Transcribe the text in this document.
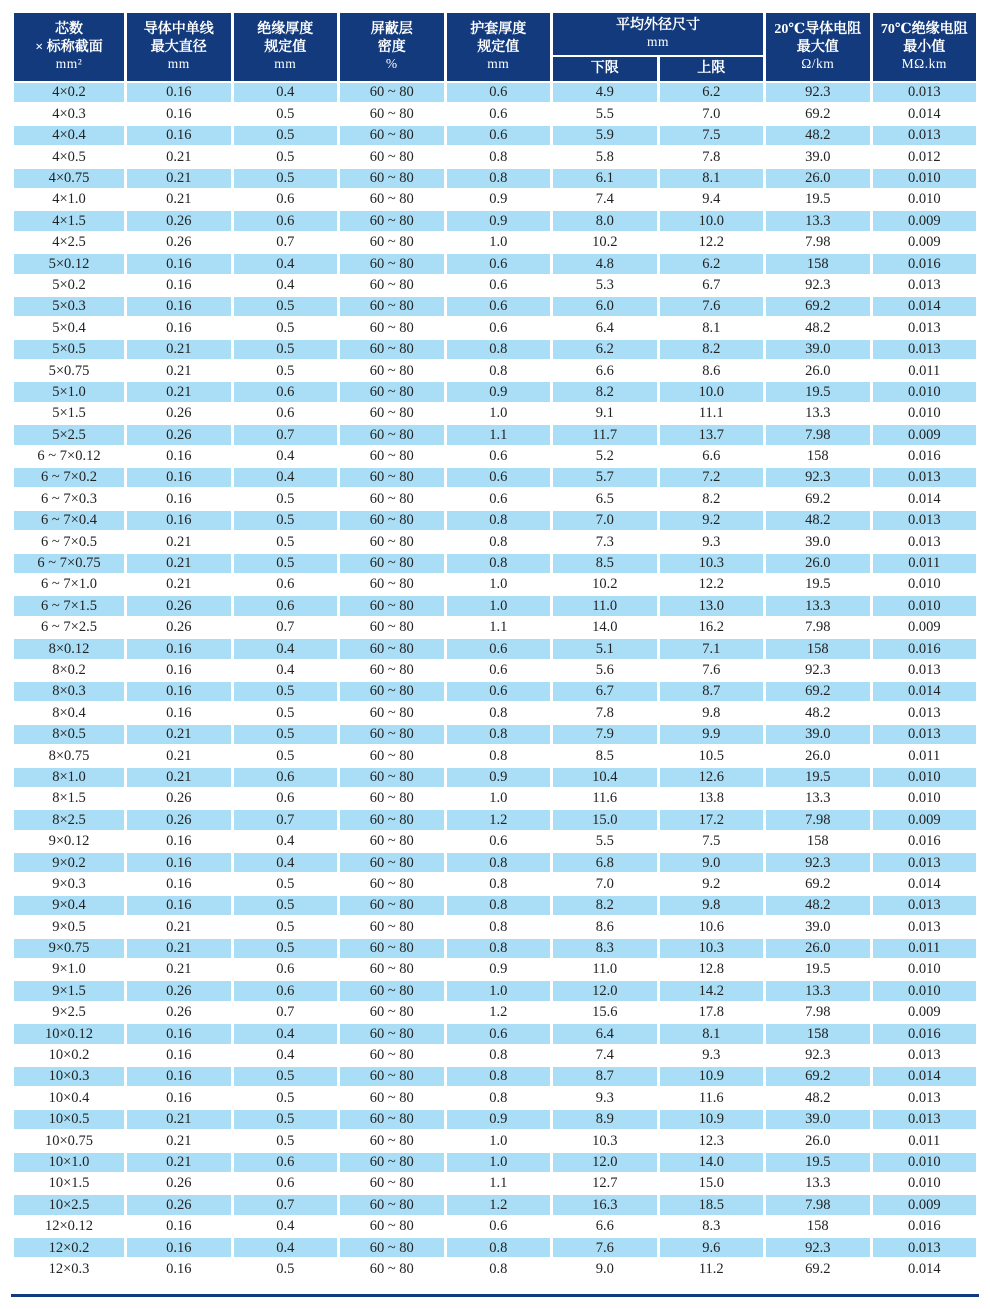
芯数
× 标称截面
mm²

导体中单线
最大直径
mm

绝缘厚度
规定值
mm

屏蔽层
密度
%

护套厚度
规定值
mm

平均外径尺寸
mm

20℃导体电阻
最大值
Ω/km

70℃绝缘电阻
最小值
MΩ.km

					下限	上限		
4×0.2	0.16	0.4	60 ~ 80	0.6	4.9	6.2	92.3	0.013
4×0.3	0.16	0.5	60 ~ 80	0.6	5.5	7.0	69.2	0.014
4×0.4	0.16	0.5	60 ~ 80	0.6	5.9	7.5	48.2	0.013
4×0.5	0.21	0.5	60 ~ 80	0.8	5.8	7.8	39.0	0.012
4×0.75	0.21	0.5	60 ~ 80	0.8	6.1	8.1	26.0	0.010
4×1.0	0.21	0.6	60 ~ 80	0.9	7.4	9.4	19.5	0.010
4×1.5	0.26	0.6	60 ~ 80	0.9	8.0	10.0	13.3	0.009
4×2.5	0.26	0.7	60 ~ 80	1.0	10.2	12.2	7.98	0.009
5×0.12	0.16	0.4	60 ~ 80	0.6	4.8	6.2	158	0.016
5×0.2	0.16	0.4	60 ~ 80	0.6	5.3	6.7	92.3	0.013
5×0.3	0.16	0.5	60 ~ 80	0.6	6.0	7.6	69.2	0.014
5×0.4	0.16	0.5	60 ~ 80	0.6	6.4	8.1	48.2	0.013
5×0.5	0.21	0.5	60 ~ 80	0.8	6.2	8.2	39.0	0.013
5×0.75	0.21	0.5	60 ~ 80	0.8	6.6	8.6	26.0	0.011
5×1.0	0.21	0.6	60 ~ 80	0.9	8.2	10.0	19.5	0.010
5×1.5	0.26	0.6	60 ~ 80	1.0	9.1	11.1	13.3	0.010
5×2.5	0.26	0.7	60 ~ 80	1.1	11.7	13.7	7.98	0.009
6 ~ 7×0.12	0.16	0.4	60 ~ 80	0.6	5.2	6.6	158	0.016
6 ~ 7×0.2	0.16	0.4	60 ~ 80	0.6	5.7	7.2	92.3	0.013
6 ~ 7×0.3	0.16	0.5	60 ~ 80	0.6	6.5	8.2	69.2	0.014
6 ~ 7×0.4	0.16	0.5	60 ~ 80	0.8	7.0	9.2	48.2	0.013
6 ~ 7×0.5	0.21	0.5	60 ~ 80	0.8	7.3	9.3	39.0	0.013
6 ~ 7×0.75	0.21	0.5	60 ~ 80	0.8	8.5	10.3	26.0	0.011
6 ~ 7×1.0	0.21	0.6	60 ~ 80	1.0	10.2	12.2	19.5	0.010
6 ~ 7×1.5	0.26	0.6	60 ~ 80	1.0	11.0	13.0	13.3	0.010
6 ~ 7×2.5	0.26	0.7	60 ~ 80	1.1	14.0	16.2	7.98	0.009
8×0.12	0.16	0.4	60 ~ 80	0.6	5.1	7.1	158	0.016
8×0.2	0.16	0.4	60 ~ 80	0.6	5.6	7.6	92.3	0.013
8×0.3	0.16	0.5	60 ~ 80	0.6	6.7	8.7	69.2	0.014
8×0.4	0.16	0.5	60 ~ 80	0.8	7.8	9.8	48.2	0.013
8×0.5	0.21	0.5	60 ~ 80	0.8	7.9	9.9	39.0	0.013
8×0.75	0.21	0.5	60 ~ 80	0.8	8.5	10.5	26.0	0.011
8×1.0	0.21	0.6	60 ~ 80	0.9	10.4	12.6	19.5	0.010
8×1.5	0.26	0.6	60 ~ 80	1.0	11.6	13.8	13.3	0.010
8×2.5	0.26	0.7	60 ~ 80	1.2	15.0	17.2	7.98	0.009
9×0.12	0.16	0.4	60 ~ 80	0.6	5.5	7.5	158	0.016
9×0.2	0.16	0.4	60 ~ 80	0.8	6.8	9.0	92.3	0.013
9×0.3	0.16	0.5	60 ~ 80	0.8	7.0	9.2	69.2	0.014
9×0.4	0.16	0.5	60 ~ 80	0.8	8.2	9.8	48.2	0.013
9×0.5	0.21	0.5	60 ~ 80	0.8	8.6	10.6	39.0	0.013
9×0.75	0.21	0.5	60 ~ 80	0.8	8.3	10.3	26.0	0.011
9×1.0	0.21	0.6	60 ~ 80	0.9	11.0	12.8	19.5	0.010
9×1.5	0.26	0.6	60 ~ 80	1.0	12.0	14.2	13.3	0.010
9×2.5	0.26	0.7	60 ~ 80	1.2	15.6	17.8	7.98	0.009
10×0.12	0.16	0.4	60 ~ 80	0.6	6.4	8.1	158	0.016
10×0.2	0.16	0.4	60 ~ 80	0.8	7.4	9.3	92.3	0.013
10×0.3	0.16	0.5	60 ~ 80	0.8	8.7	10.9	69.2	0.014
10×0.4	0.16	0.5	60 ~ 80	0.8	9.3	11.6	48.2	0.013
10×0.5	0.21	0.5	60 ~ 80	0.9	8.9	10.9	39.0	0.013
10×0.75	0.21	0.5	60 ~ 80	1.0	10.3	12.3	26.0	0.011
10×1.0	0.21	0.6	60 ~ 80	1.0	12.0	14.0	19.5	0.010
10×1.5	0.26	0.6	60 ~ 80	1.1	12.7	15.0	13.3	0.010
10×2.5	0.26	0.7	60 ~ 80	1.2	16.3	18.5	7.98	0.009
12×0.12	0.16	0.4	60 ~ 80	0.6	6.6	8.3	158	0.016
12×0.2	0.16	0.4	60 ~ 80	0.8	7.6	9.6	92.3	0.013
12×0.3	0.16	0.5	60 ~ 80	0.8	9.0	11.2	69.2	0.014
